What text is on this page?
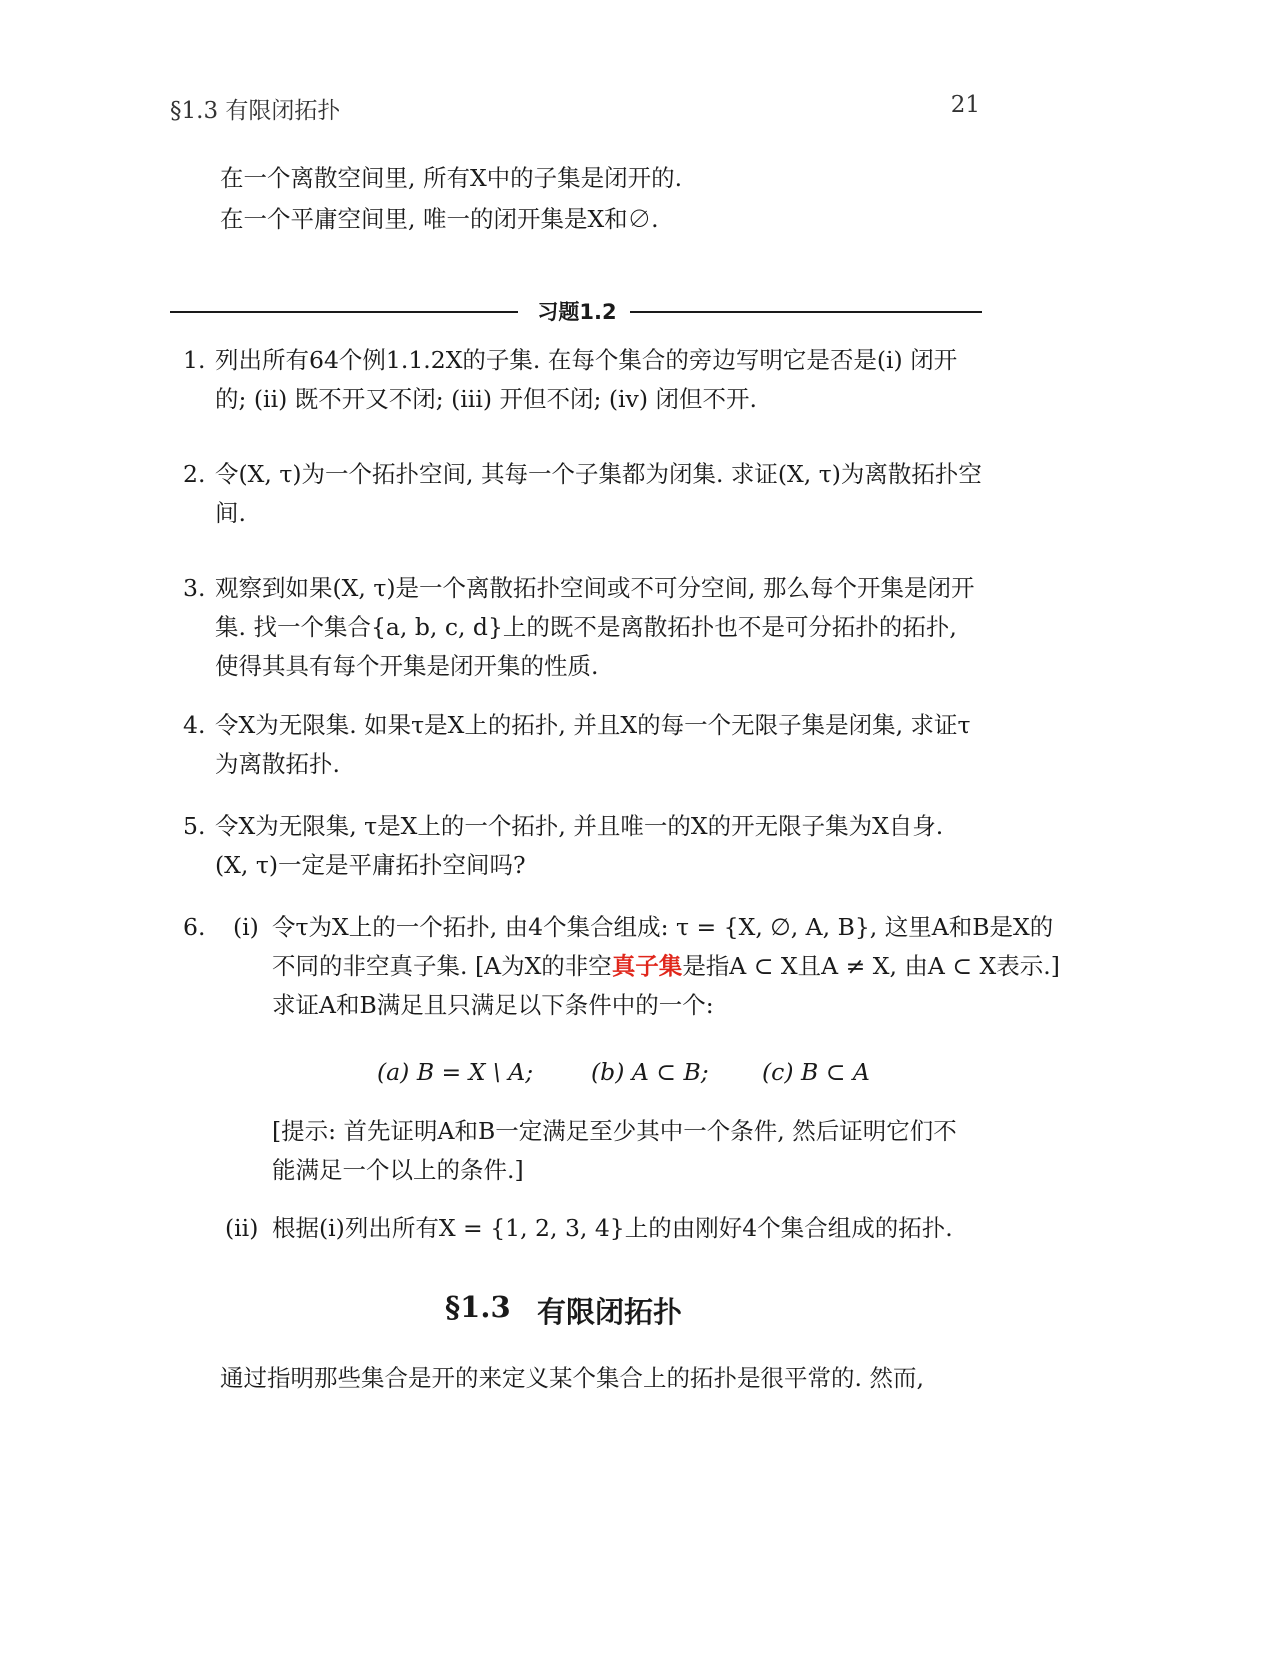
§1.3 有限闭拓扑	21

在一个离散空间里, 所有X中的子集是闭开的.

在一个平庸空间里, 唯一的闭开集是X和∅.

习题1.2
1. 列出所有64个例1.1.2X的子集. 在每个集合的旁边写明它是否是(i) 闭开的; (ii) 既不开又不闭; (iii) 开但不闭; (iv) 闭但不开.
2. 令(X, τ)为一个拓扑空间, 其每一个子集都为闭集. 求证(X, τ)为离散拓扑空间.
3. 观察到如果(X, τ)是一个离散拓扑空间或不可分空间, 那么每个开集是闭开集. 找一个集合{a, b, c, d}上的既不是离散拓扑也不是可分拓扑的拓扑, 使得其具有每个开集是闭开集的性质.
4. 令X为无限集. 如果τ是X上的拓扑, 并且X的每一个无限子集是闭集, 求证τ为离散拓扑.
5. 令X为无限集, τ是X上的一个拓扑, 并且唯一的X的开无限子集为X自身. (X, τ)一定是平庸拓扑空间吗?
6. (i) 令τ为X上的一个拓扑, 由4个集合组成: τ = {X, ∅, A, B}, 这里A和B是X的不同的非空真子集. [A为X的非空真子集是指A ⊂ X且A ≠ X, 由A ⊂ X表示.] 求证A和B满足且只满足以下条件中的一个:
(a) B = X \ A; (b) A ⊂ B; (c) B ⊂ A
[提示: 首先证明A和B一定满足至少其中一个条件, 然后证明它们不能满足一个以上的条件.]
(ii) 根据(i)列出所有X = {1, 2, 3, 4}上的由刚好4个集合组成的拓扑.
§1.3 有限闭拓扑
通过指明那些集合是开的来定义某个集合上的拓扑是很平常的. 然而,
